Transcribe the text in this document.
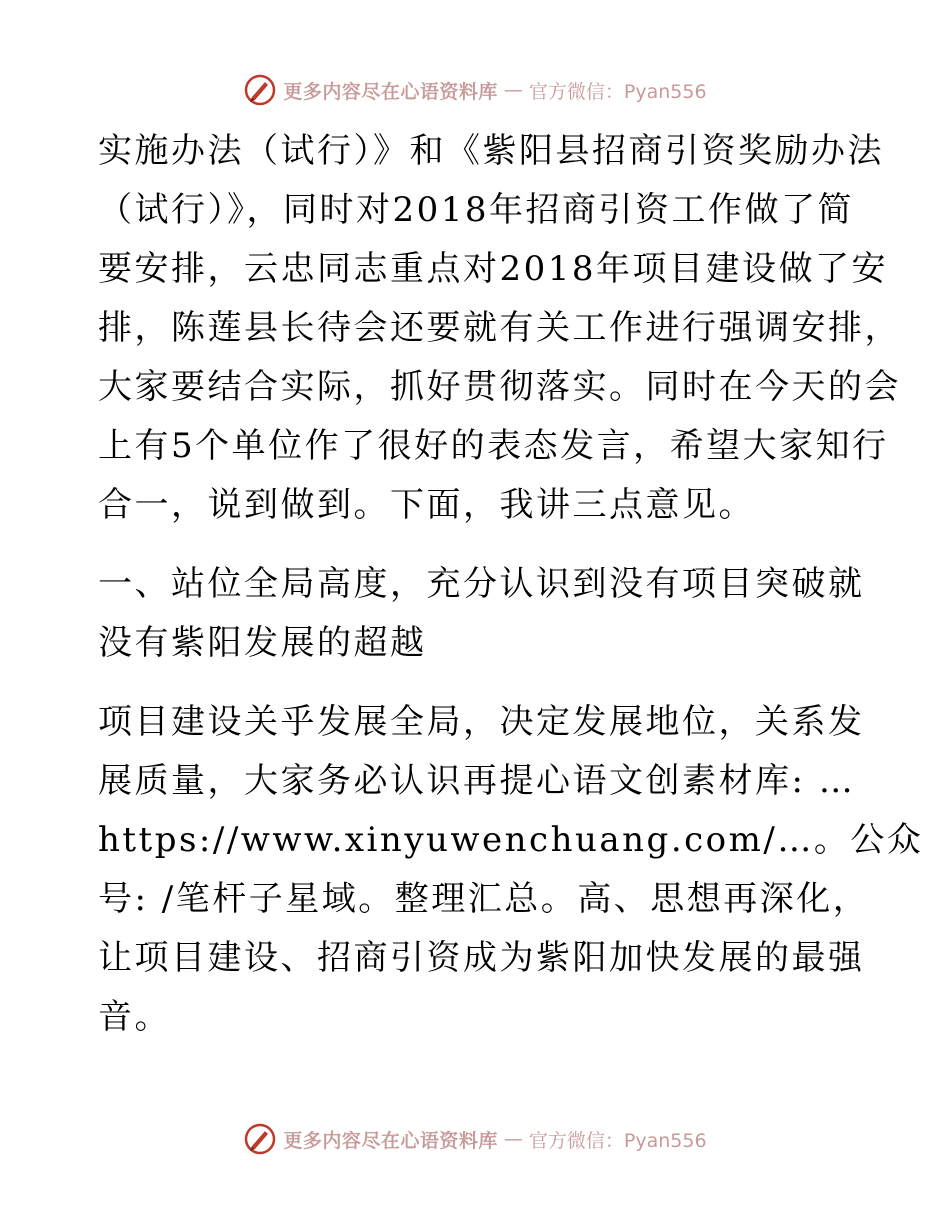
更多内容尽在心语资料库 — 官方微信：Pyan556
实施办法（试行）》和《紫阳县招商引资奖励办法
（试行）》，同时对2018年招商引资工作做了简
要安排，云忠同志重点对2018年项目建设做了安
排，陈莲县长待会还要就有关工作进行强调安排，
大家要结合实际，抓好贯彻落实。同时在今天的会
上有5个单位作了很好的表态发言，希望大家知行
合一，说到做到。下面，我讲三点意见。
一、站位全局高度，充分认识到没有项目突破就
没有紫阳发展的超越
项目建设关乎发展全局，决定发展地位，关系发
展质量，大家务必认识再提心语文创素材库: …
https://www.xinyuwenchuang.com/…。公众
号: /笔杆子星域。整理汇总。高、思想再深化，
让项目建设、招商引资成为紫阳加快发展的最强
音。
更多内容尽在心语资料库 — 官方微信：Pyan556
